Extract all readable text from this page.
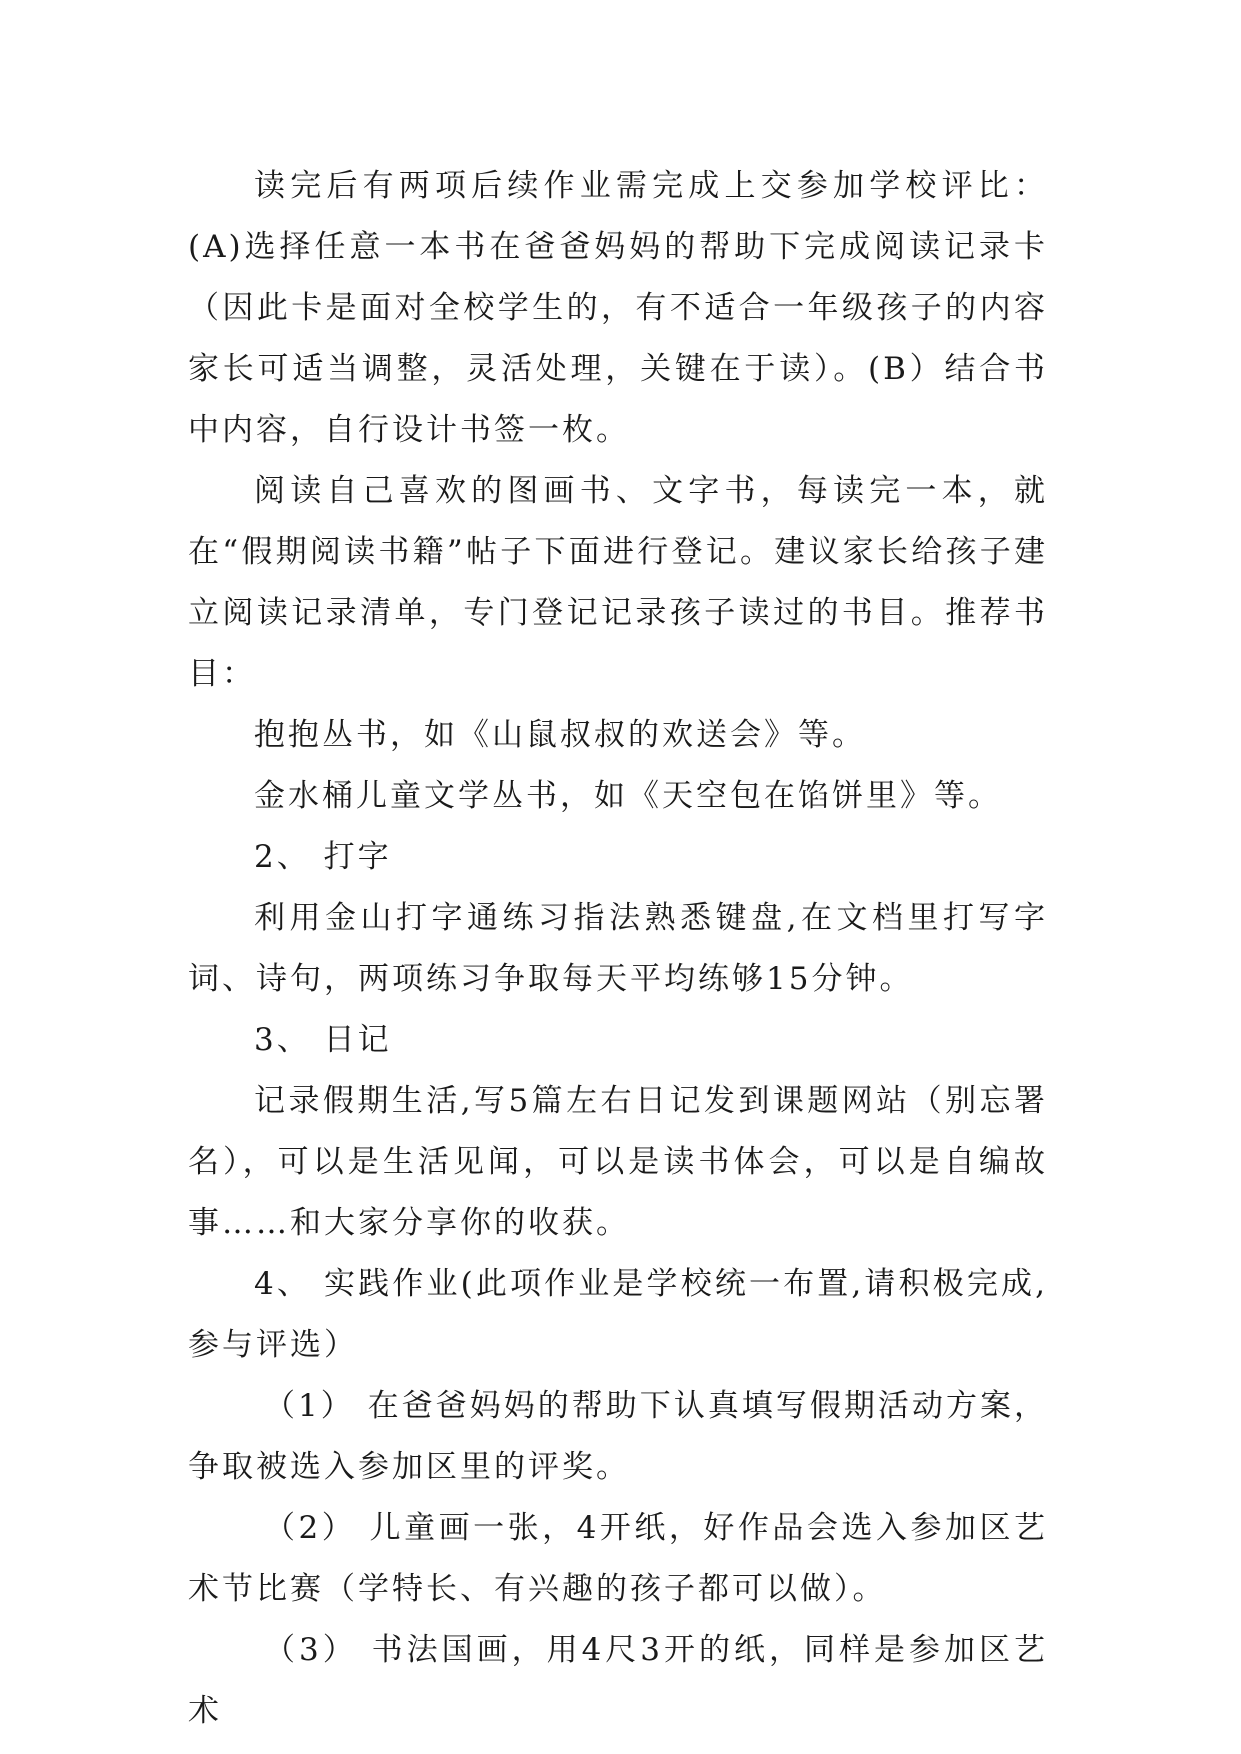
读完后有两项后续作业需完成上交参加学校评比：(A)选择任意一本书在爸爸妈妈的帮助下完成阅读记录卡（因此卡是面对全校学生的，有不适合一年级孩子的内容家长可适当调整，灵活处理，关键在于读）。(B）结合书中内容，自行设计书签一枚。

阅读自己喜欢的图画书、文字书，每读完一本，就在“假期阅读书籍”帖子下面进行登记。建议家长给孩子建立阅读记录清单，专门登记记录孩子读过的书目。推荐书目：

抱抱丛书，如《山鼠叔叔的欢送会》等。

金水桶儿童文学丛书，如《天空包在馅饼里》等。

2、 打字

利用金山打字通练习指法熟悉键盘,在文档里打写字词、诗句，两项练习争取每天平均练够15分钟。

3、 日记

记录假期生活,写5篇左右日记发到课题网站（别忘署名），可以是生活见闻，可以是读书体会，可以是自编故事……和大家分享你的收获。

4、 实践作业(此项作业是学校统一布置,请积极完成,参与评选）

（1） 在爸爸妈妈的帮助下认真填写假期活动方案，争取被选入参加区里的评奖。

（2） 儿童画一张，4开纸，好作品会选入参加区艺术节比赛（学特长、有兴趣的孩子都可以做）。

（3） 书法国画，用4尺3开的纸，同样是参加区艺术
